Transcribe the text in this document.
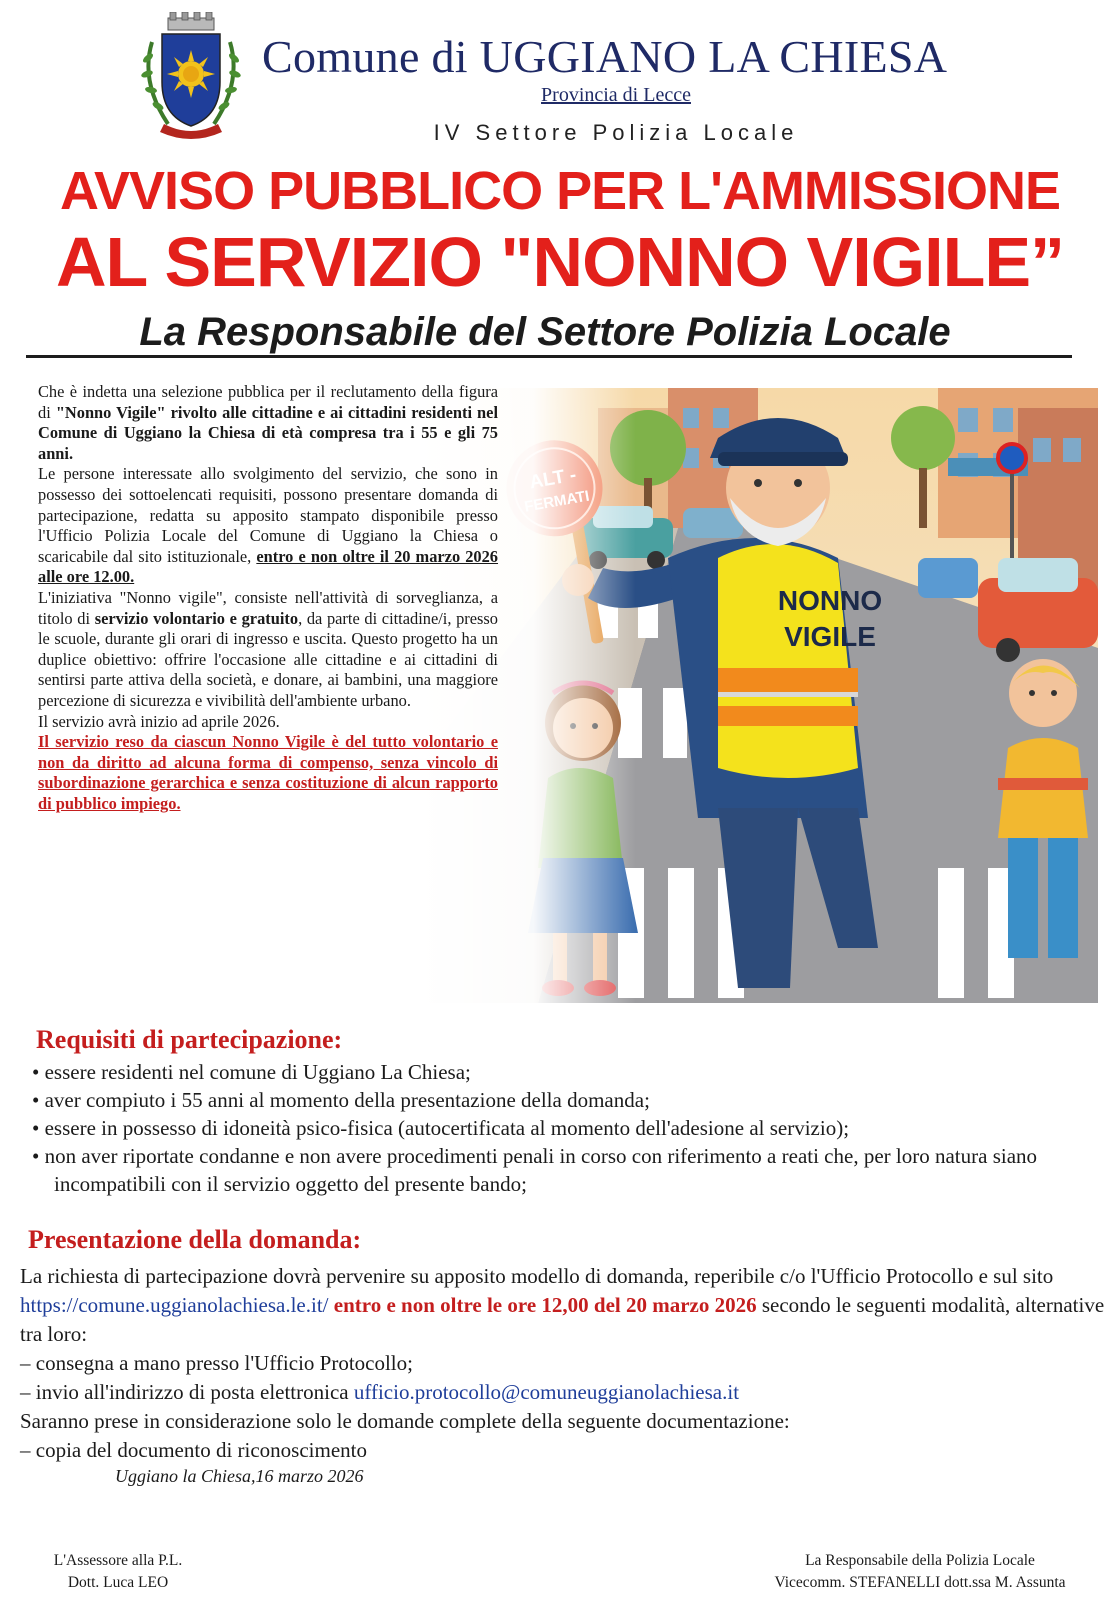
Comune di UGGIANO LA CHIESA
Provincia di Lecce
IV Settore Polizia Locale
AVVISO PUBBLICO PER L'AMMISSIONE
AL SERVIZIO "NONNO VIGILE”
La Responsabile del Settore Polizia Locale

Che è indetta una selezione pubblica per il reclutamento della figura di "Nonno Vigile" rivolto alle cittadine e ai cittadini residenti nel Comune di Uggiano la Chiesa di età compresa tra i 55 e gli 75 anni.

Le persone interessate allo svolgimento del servizio, che sono in possesso dei sottoelencati requisiti, possono presentare domanda di partecipazione, redatta su apposito stampato disponibile presso l'Ufficio Polizia Locale del Comune di Uggiano la Chiesa o scaricabile dal sito istituzionale, entro e non oltre il 20 marzo 2026 alle ore 12.00.

L'iniziativa "Nonno vigile", consiste nell'attività di sorveglianza, a titolo di servizio volontario e gratuito, da parte di cittadine/i, presso le scuole, durante gli orari di ingresso e uscita. Questo progetto ha un duplice obiettivo: offrire l'occasione alle cittadine e ai cittadini di sentirsi parte attiva della società, e donare, ai bambini, una maggiore percezione di sicurezza e vivibilità dell'ambiente urbano.

Il servizio avrà inizio ad aprile 2026.

Il servizio reso da ciascun Nonno Vigile è del tutto volontario e non da diritto ad alcuna forma di compenso, senza vincolo di subordinazione gerarchica e senza costituzione di alcun rapporto di pubblico impiego.

Requisiti di partecipazione:
• essere residenti nel comune di Uggiano La Chiesa;
• aver compiuto i 55 anni al momento della presentazione della domanda;
• essere in possesso di idoneità psico-fisica (autocertificata al momento dell'adesione al servizio);
• non aver riportate condanne e non avere procedimenti penali in corso con riferimento a reati che, per loro natura siano incompatibili con il servizio oggetto del presente bando;
Presentazione della domanda:

La richiesta di partecipazione dovrà pervenire su apposito modello di domanda, reperibile c/o l'Ufficio Protocollo e sul sito https://comune.uggianolachiesa.le.it/ entro e non oltre le ore 12,00 del 20 marzo 2026 secondo le seguenti modalità, alternative tra loro:

– consegna a mano presso l'Ufficio Protocollo;

– invio all'indirizzo di posta elettronica ufficio.protocollo@comuneuggianolachiesa.it

Saranno prese in considerazione solo le domande complete della seguente documentazione:

– copia del documento di riconoscimento

Uggiano la Chiesa,16 marzo 2026
L'Assessore alla P.L.
Dott. Luca LEO
La Responsabile della Polizia Locale
Vicecomm. STEFANELLI dott.ssa M. Assunta
